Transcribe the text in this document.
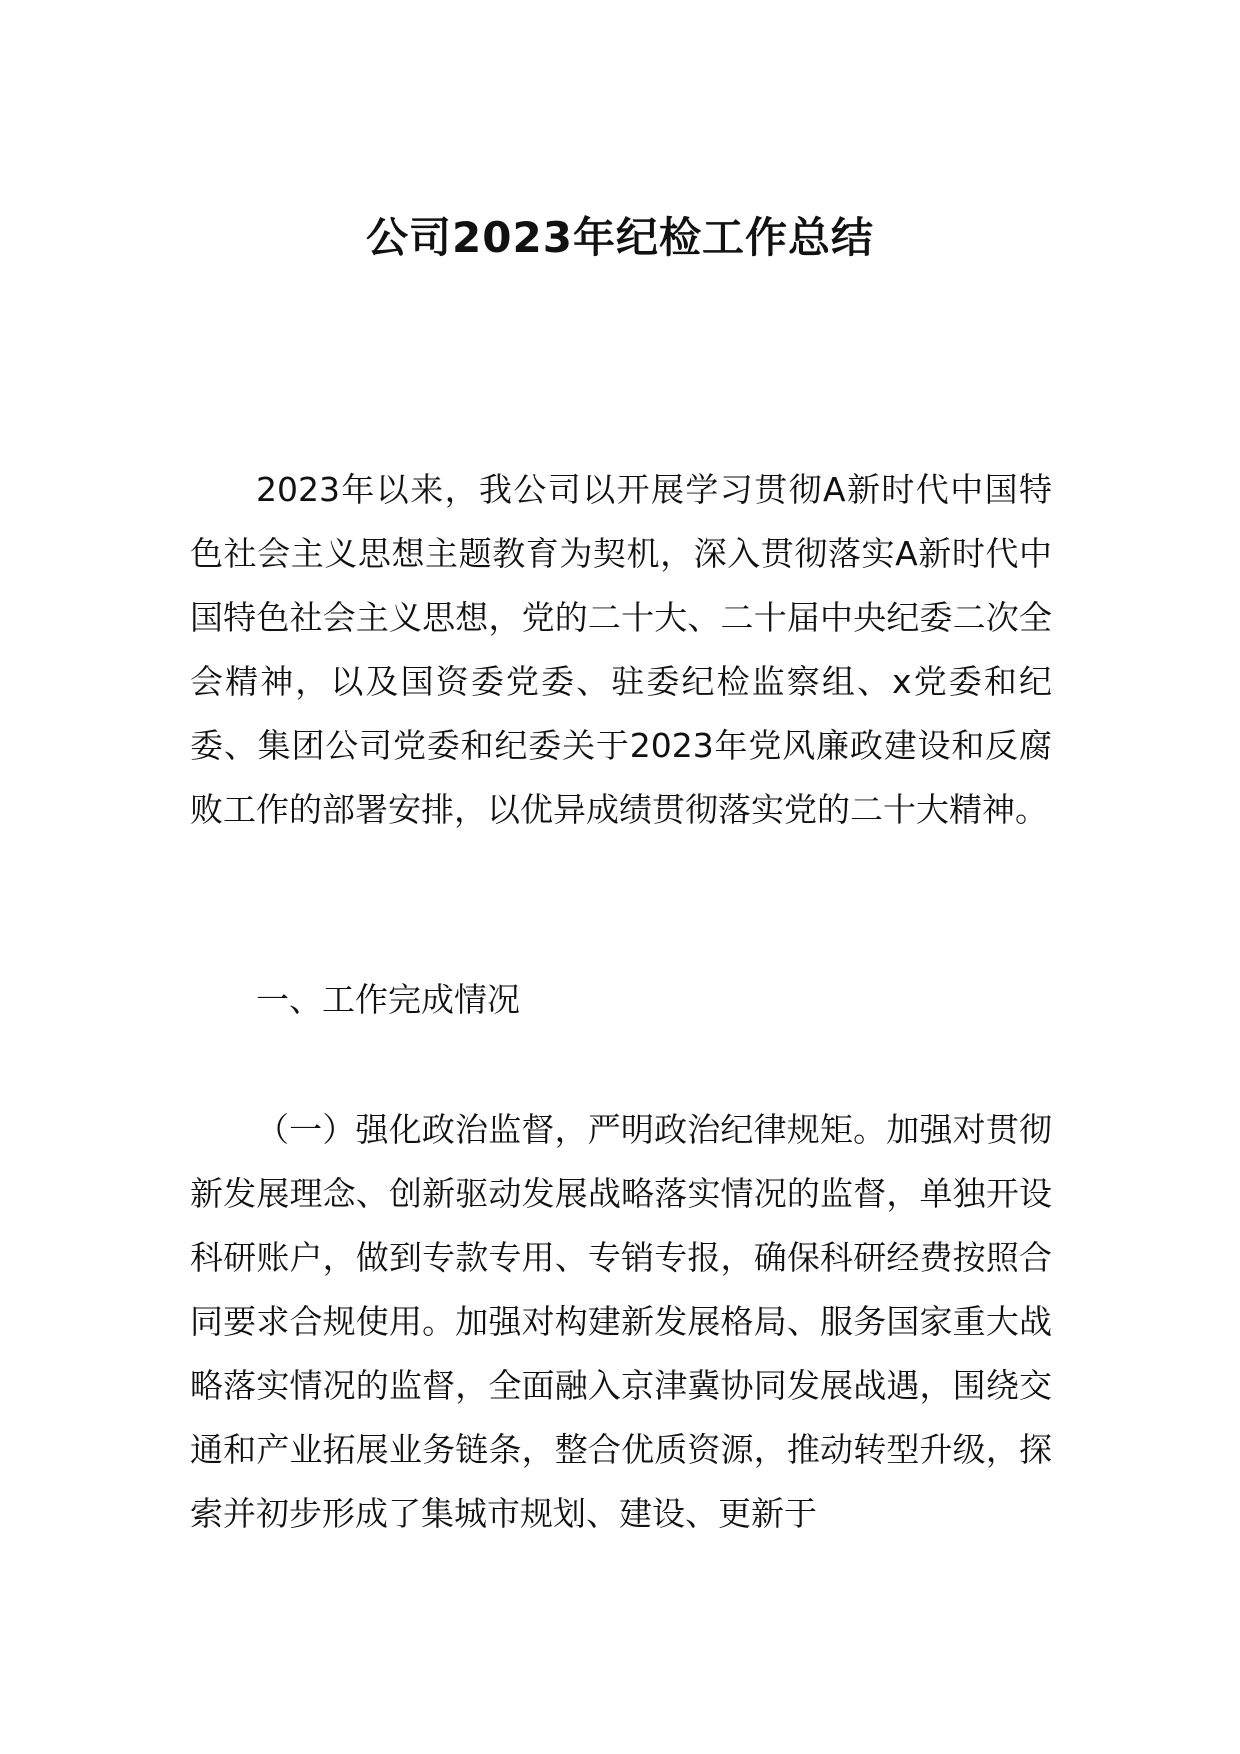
公司2023年纪检工作总结

2023年以来，我公司以开展学习贯彻A新时代中国特色社会主义思想主题教育为契机，深入贯彻落实A新时代中国特色社会主义思想，党的二十大、二十届中央纪委二次全会精神，以及国资委党委、驻委纪检监察组、x党委和纪委、集团公司党委和纪委关于2023年党风廉政建设和反腐败工作的部署安排，以优异成绩贯彻落实党的二十大精神。

一、工作完成情况

（一）强化政治监督，严明政治纪律规矩。加强对贯彻新发展理念、创新驱动发展战略落实情况的监督，单独开设科研账户，做到专款专用、专销专报，确保科研经费按照合同要求合规使用。加强对构建新发展格局、服务国家重大战略落实情况的监督，全面融入京津冀协同发展战遇，围绕交通和产业拓展业务链条，整合优质资源，推动转型升级，探索并初步形成了集城市规划、建设、更新于
